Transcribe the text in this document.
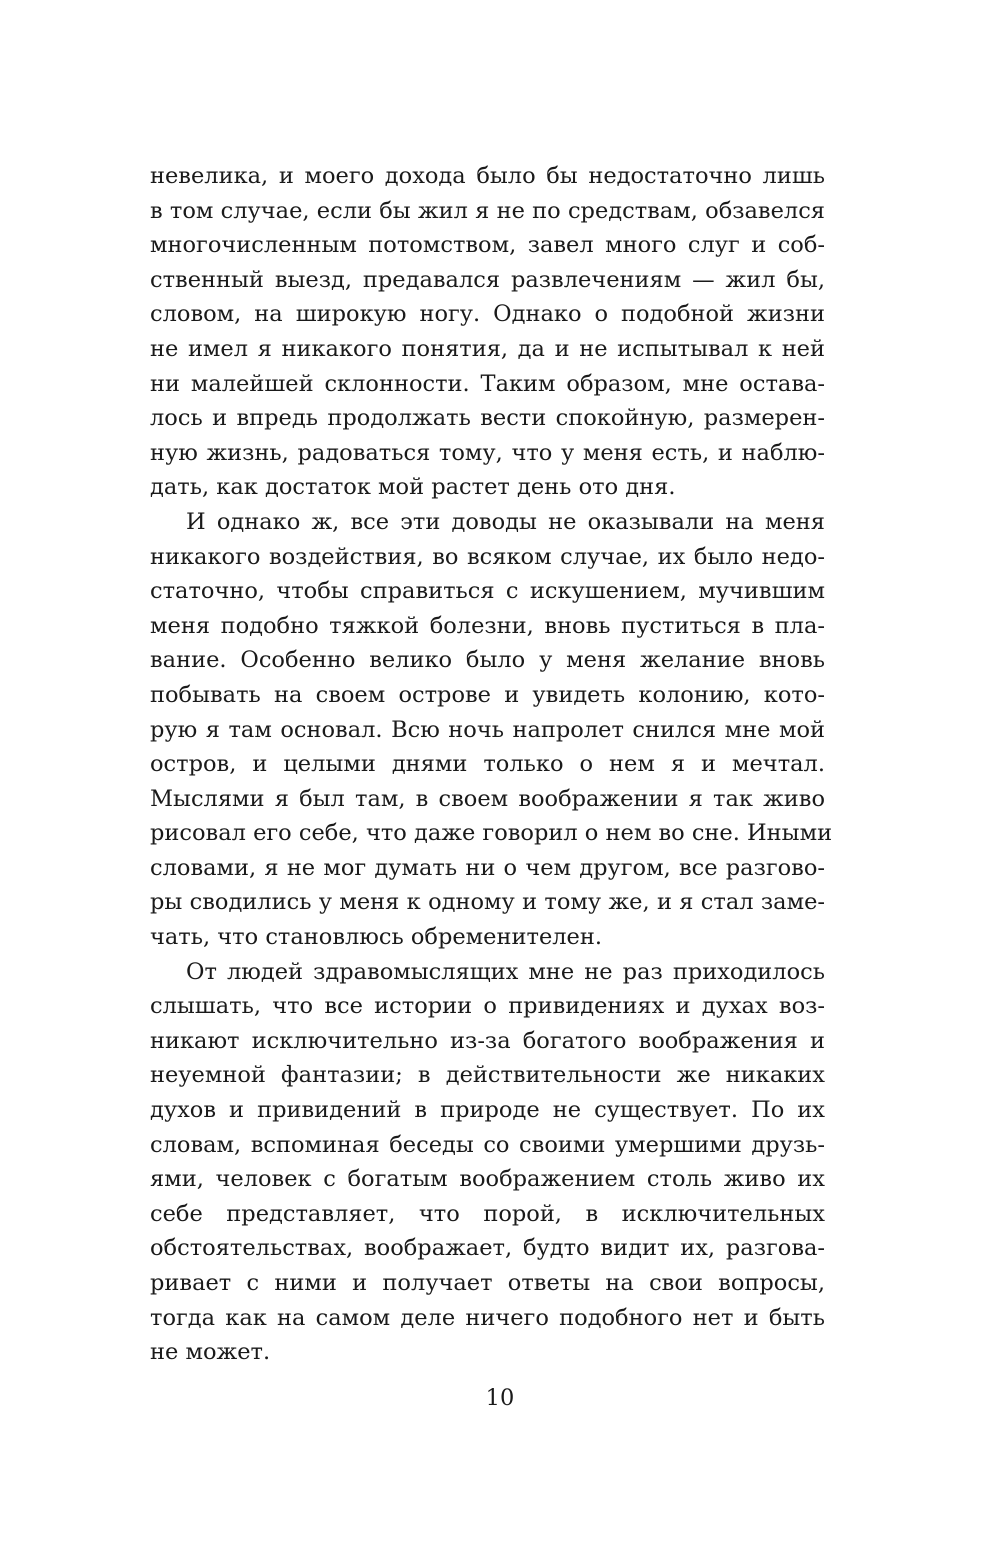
невелика, и моего дохода было бы недостаточно лишь
в том случае, если бы жил я не по средствам, обзавелся
многочисленным потомством, завел много слуг и соб-
ственный выезд, предавался развлечениям — жил бы,
словом, на широкую ногу. Однако о подобной жизни
не имел я никакого понятия, да и не испытывал к ней
ни малейшей склонности. Таким образом, мне остава-
лось и впредь продолжать вести спокойную, размерен-
ную жизнь, радоваться тому, что у меня есть, и наблю-
дать, как достаток мой растет день ото дня.
И однако ж, все эти доводы не оказывали на меня
никакого воздействия, во всяком случае, их было недо-
статочно, чтобы справиться с искушением, мучившим
меня подобно тяжкой болезни, вновь пуститься в пла-
вание. Особенно велико было у меня желание вновь
побывать на своем острове и увидеть колонию, кото-
рую я там основал. Всю ночь напролет снился мне мой
остров, и целыми днями только о нем я и мечтал.
Мыслями я был там, в своем воображении я так живо
рисовал его себе, что даже говорил о нем во сне. Иными
словами, я не мог думать ни о чем другом, все разгово-
ры сводились у меня к одному и тому же, и я стал заме-
чать, что становлюсь обременителен.
От людей здравомыслящих мне не раз приходилось
слышать, что все истории о привидениях и духах воз-
никают исключительно из-за богатого воображения и
неуемной фантазии; в действительности же никаких
духов и привидений в природе не существует. По их
словам, вспоминая беседы со своими умершими друзь-
ями, человек с богатым воображением столь живо их
себе представляет, что порой, в исключительных
обстоятельствах, воображает, будто видит их, разгова-
ривает с ними и получает ответы на свои вопросы,
тогда как на самом деле ничего подобного нет и быть
не может.
10
